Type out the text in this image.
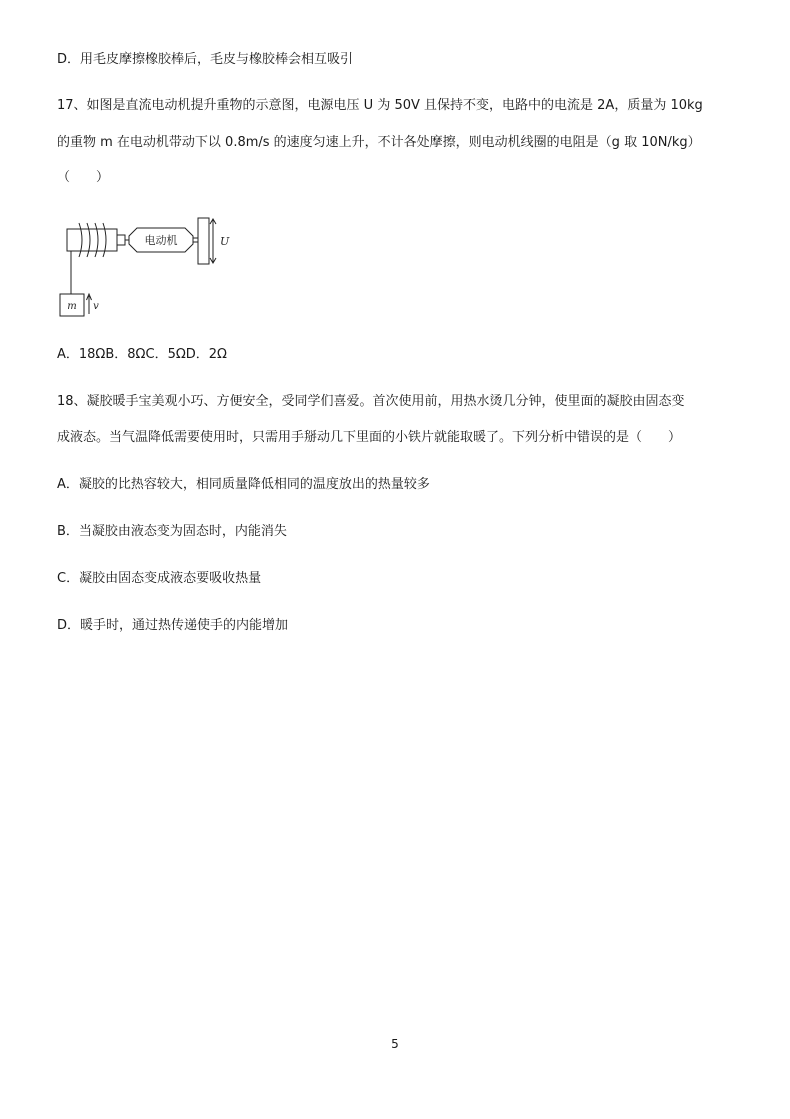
D．用毛皮摩擦橡胶棒后，毛皮与橡胶棒会相互吸引
17、如图是直流电动机提升重物的示意图，电源电压 U 为 50V 且保持不变，电路中的电流是 2A，质量为 10kg
的重物 m 在电动机带动下以 0.8m/s 的速度匀速上升，不计各处摩擦，则电动机线圈的电阻是（g 取 10N/kg）
（　　）
电动机	U
m v
A．18ΩB．8ΩC．5ΩD．2Ω
18、凝胶暖手宝美观小巧、方便安全，受同学们喜爱。首次使用前，用热水烫几分钟，使里面的凝胶由固态变
成液态。当气温降低需要使用时，只需用手掰动几下里面的小铁片就能取暖了。下列分析中错误的是（　　）
A．凝胶的比热容较大，相同质量降低相同的温度放出的热量较多
B．当凝胶由液态变为固态时，内能消失
C．凝胶由固态变成液态要吸收热量
D．暖手时，通过热传递使手的内能增加
5
